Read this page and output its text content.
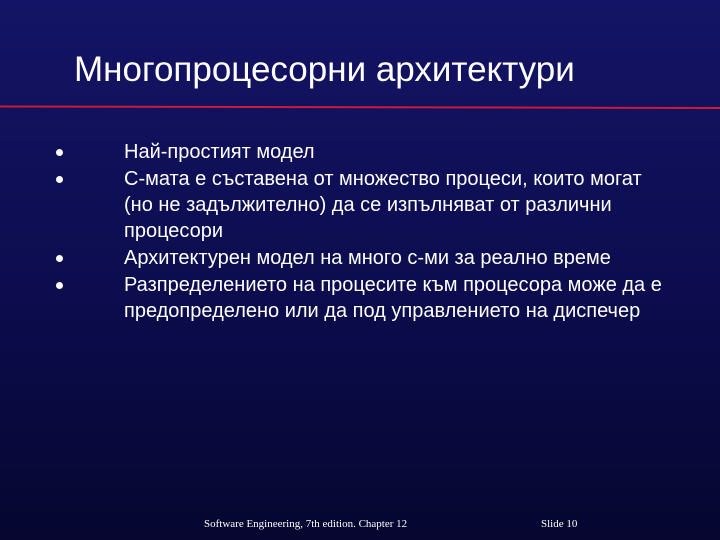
Многопроцесорни архитектури
Най-простият модел
С-мата е съставена от множество процеси, които могат (но не задължително) да се изпълняват от различни процесори
Архитектурен модел на много с-ми за реално време
Разпределението на процесите към процесора може да е предопределено или да под управлението на диспечер
Software Engineering, 7th edition. Chapter 12	Slide 10
